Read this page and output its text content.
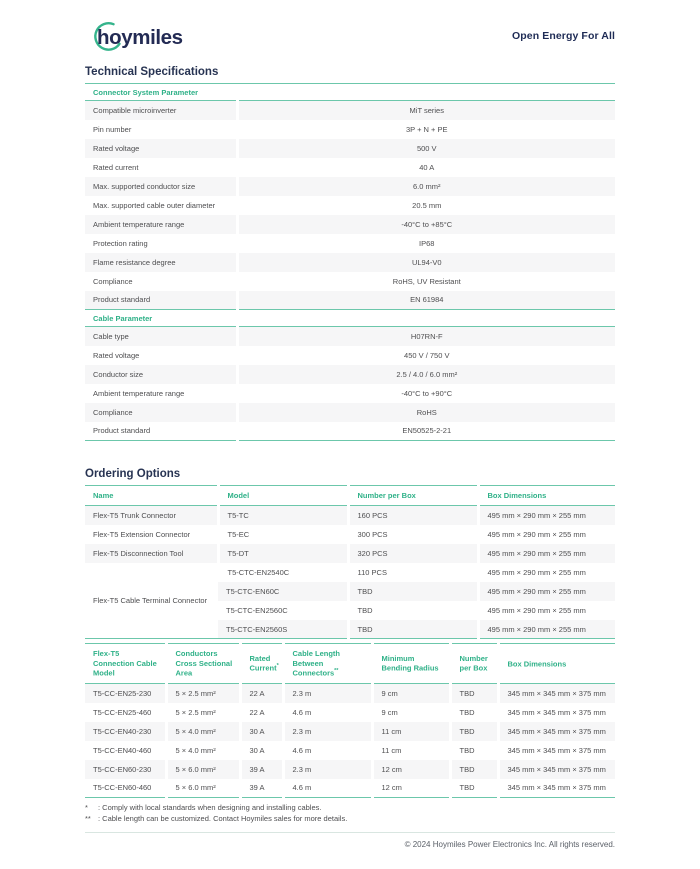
hoymiles	Open Energy For All
Technical Specifications
Connector System Parameter	
Compatible microinverter	MiT series
Pin number	3P + N + PE
Rated voltage	500 V
Rated current	40 A
Max. supported conductor size	6.0 mm²
Max. supported cable outer diameter	20.5 mm
Ambient temperature range	-40°C to +85°C
Protection rating	IP68
Flame resistance degree	UL94-V0
Compliance	RoHS, UV Resistant
Product standard	EN 61984
Cable Parameter	
Cable type	H07RN-F
Rated voltage	450 V / 750 V
Conductor size	2.5 / 4.0 / 6.0 mm²
Ambient temperature range	-40°C to +90°C
Compliance	RoHS
Product standard	EN50525-2-21
Ordering Options
Name	Model	Number per Box	Box Dimensions
Flex-T5 Trunk Connector	T5-TC	160 PCS	495 mm × 290 mm × 255 mm
Flex-T5 Extension Connector	T5-EC	300 PCS	495 mm × 290 mm × 255 mm
Flex-T5 Disconnection Tool	T5-DT	320 PCS	495 mm × 290 mm × 255 mm
Flex-T5 Cable Terminal Connector	T5-CTC-EN2540C	110 PCS	495 mm × 290 mm × 255 mm
	T5-CTC-EN60C	TBD	495 mm × 290 mm × 255 mm
	T5-CTC-EN2560C	TBD	495 mm × 290 mm × 255 mm
	T5-CTC-EN2560S	TBD	495 mm × 290 mm × 255 mm
Flex-T5 Connection Cable Model	Conductors Cross Sectional Area	Rated Current*	Cable Length Between Connectors**	Minimum Bending Radius	Number per Box	Box Dimensions
T5-CC-EN25-230	5 × 2.5 mm²	22 A	2.3 m	9 cm	TBD	345 mm × 345 mm × 375 mm
T5-CC-EN25-460	5 × 2.5 mm²	22 A	4.6 m	9 cm	TBD	345 mm × 345 mm × 375 mm
T5-CC-EN40-230	5 × 4.0 mm²	30 A	2.3 m	11 cm	TBD	345 mm × 345 mm × 375 mm
T5-CC-EN40-460	5 × 4.0 mm²	30 A	4.6 m	11 cm	TBD	345 mm × 345 mm × 375 mm
T5-CC-EN60-230	5 × 6.0 mm²	39 A	2.3 m	12 cm	TBD	345 mm × 345 mm × 375 mm
T5-CC-EN60-460	5 × 6.0 mm²	39 A	4.6 m	12 cm	TBD	345 mm × 345 mm × 375 mm
*	: Comply with local standards when designing and installing cables.
** : Cable length can be customized. Contact Hoymiles sales for more details.
© 2024 Hoymiles Power Electronics Inc. All rights reserved.
